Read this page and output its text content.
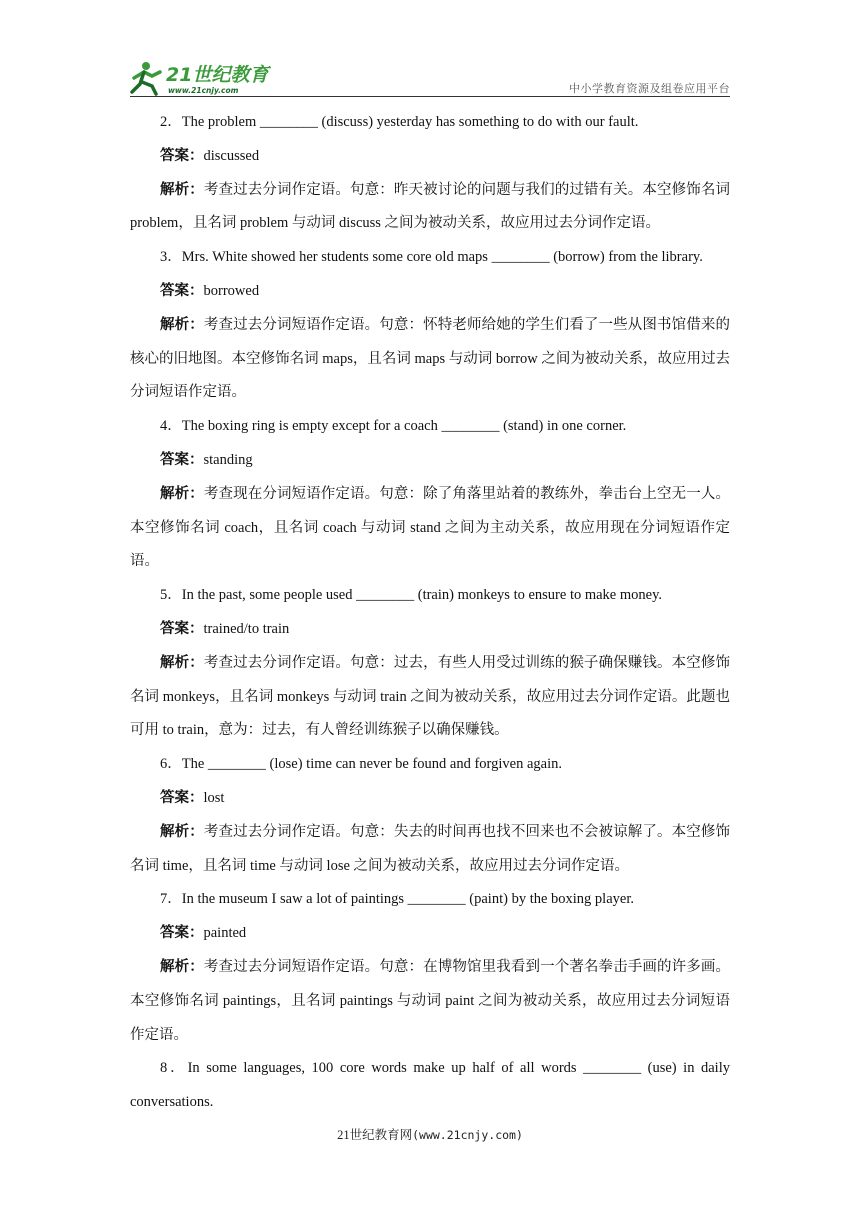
21世纪教育
www.21cnjy.com	中小学教育资源及组卷应用平台

2．The problem ________ (discuss) yesterday has something to do with our fault.

答案：discussed

解析：考查过去分词作定语。句意：昨天被讨论的问题与我们的过错有关。本空修饰名词 problem，且名词 problem 与动词 discuss 之间为被动关系，故应用过去分词作定语。

3．Mrs. White showed her students some core old maps ________ (borrow) from the library.

答案：borrowed

解析：考查过去分词短语作定语。句意：怀特老师给她的学生们看了一些从图书馆借来的核心的旧地图。本空修饰名词 maps，且名词 maps 与动词 borrow 之间为被动关系，故应用过去分词短语作定语。

4．The boxing ring is empty except for a coach ________ (stand) in one corner.

答案：standing

解析：考查现在分词短语作定语。句意：除了角落里站着的教练外，拳击台上空无一人。本空修饰名词 coach，且名词 coach 与动词 stand 之间为主动关系，故应用现在分词短语作定语。

5．In the past, some people used ________ (train) monkeys to ensure to make money.

答案：trained/to train

解析：考查过去分词作定语。句意：过去，有些人用受过训练的猴子确保赚钱。本空修饰名词 monkeys，且名词 monkeys 与动词 train 之间为被动关系，故应用过去分词作定语。此题也可用 to train，意为：过去，有人曾经训练猴子以确保赚钱。

6．The ________ (lose) time can never be found and forgiven again.

答案：lost

解析：考查过去分词作定语。句意：失去的时间再也找不回来也不会被谅解了。本空修饰名词 time，且名词 time 与动词 lose 之间为被动关系，故应用过去分词作定语。

7．In the museum I saw a lot of paintings ________ (paint) by the boxing player.

答案：painted

解析：考查过去分词短语作定语。句意：在博物馆里我看到一个著名拳击手画的许多画。本空修饰名词 paintings，且名词 paintings 与动词 paint 之间为被动关系，故应用过去分词短语作定语。

8．In some languages, 100 core words make up half of all words ________ (use) in daily conversations.

21世纪教育网(www.21cnjy.com)
